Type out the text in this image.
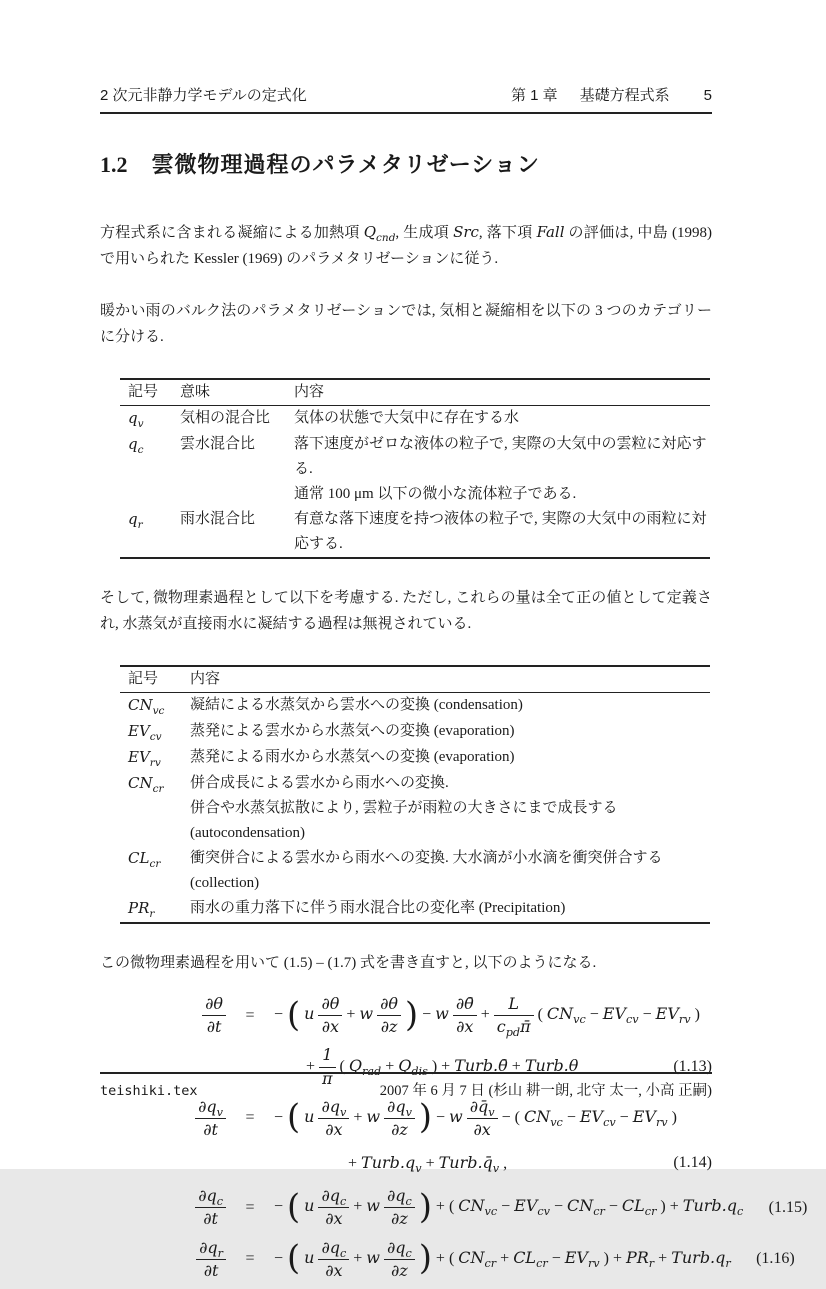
2 次元非静力学モデルの定式化	第 1 章 基礎方程式系 5
1.2 雲微物理過程のパラメタリゼーション
方程式系に含まれる凝縮による加熱項 $Q_{cnd}$, 生成項 Src, 落下項 Fall の評価は, 中島 (1998) で用いられた Kessler (1969) のパラメタリゼーションに従う.
暖かい雨のバルク法のパラメタリゼーションでは, 気相と凝縮相を以下の 3 つのカテゴリーに分ける.
記号	意味	内容
$q_v$	気相の混合比	気体の状態で大気中に存在する水
$q_c$	雲水混合比	落下速度がゼロな液体の粒子で, 実際の大気中の雲粒に対応する.
通常 100 μm 以下の微小な流体粒子である.
$q_r$	雨水混合比	有意な落下速度を持つ液体の粒子で, 実際の大気中の雨粒に対応する.
そして, 微物理素過程として以下を考慮する. ただし, これらの量は全て正の値として定義され, 水蒸気が直接雨水に凝結する過程は無視されている.
記号	内容
$CN_{vc}$	凝結による水蒸気から雲水への変換 (condensation)
$EV_{cv}$	蒸発による雲水から水蒸気への変換 (evaporation)
$EV_{rv}$	蒸発による雨水から水蒸気への変換 (evaporation)
$CN_{cr}$	併合成長による雲水から雨水への変換.
併合や水蒸気拡散により, 雲粒子が雨粒の大きさにまで成長する (autocondensation)
$CL_{cr}$	衝突併合による雲水から雨水への変換. 大水滴が小水滴を衝突併合する (collection)
$PR_r$	雨水の重力落下に伴う雨水混合比の変化率 (Precipitation)
この微物理素過程を用いて (1.5) – (1.7) 式を書き直すと, 以下のようになる.
$\frac{\partial\theta}{\partial t}$	=	− ( u $\frac{\partial\theta}{\partial x} + w \frac{\partial\theta}{\partial z}$ ) − w $\frac{\partial\thetā}{\partial x} + \frac{L}{c_{pd}\pī}$ ( $CN_{vc} - EV_{cv} - EV_{rv}$ )
+ $\frac{1}{\pī}$ ( $Q_{rad} + Q_{dis}$ ) + Turb.θ̄ + Turb.θ	(1.13)
$\frac{\partial q_v}{\partial t}$	=	− ( u $\frac{\partial q_v}{\partial x} + w \frac{\partial q_v}{\partial z}$ ) − w $\frac{\partial q̄_v}{\partial x}$ − ( $CN_{vc} - EV_{cv} - EV_{rv}$ )
+ $Turb.q_v$ + $Turb.q̄_v$ ,	(1.14)
$\frac{\partial q_c}{\partial t}$	=	− ( u $\frac{\partial q_c}{\partial x} + w \frac{\partial q_c}{\partial z}$ ) + ( $CN_{vc} - EV_{cv} - CN_{cr} - CL_{cr}$ ) + $Turb.q_c$ (1.15)
$\frac{\partial q_r}{\partial t}$	=	− ( u $\frac{\partial q_c}{\partial x} + w \frac{\partial q_c}{\partial z}$ ) + ( $CN_{cr} + CL_{cr} - EV_{rv}$ ) + $PR_r$ + $Turb.q_r$ (1.16)
teishiki.tex	2007 年 6 月 7 日 (杉山 耕一朗, 北守 太一, 小高 正嗣)
